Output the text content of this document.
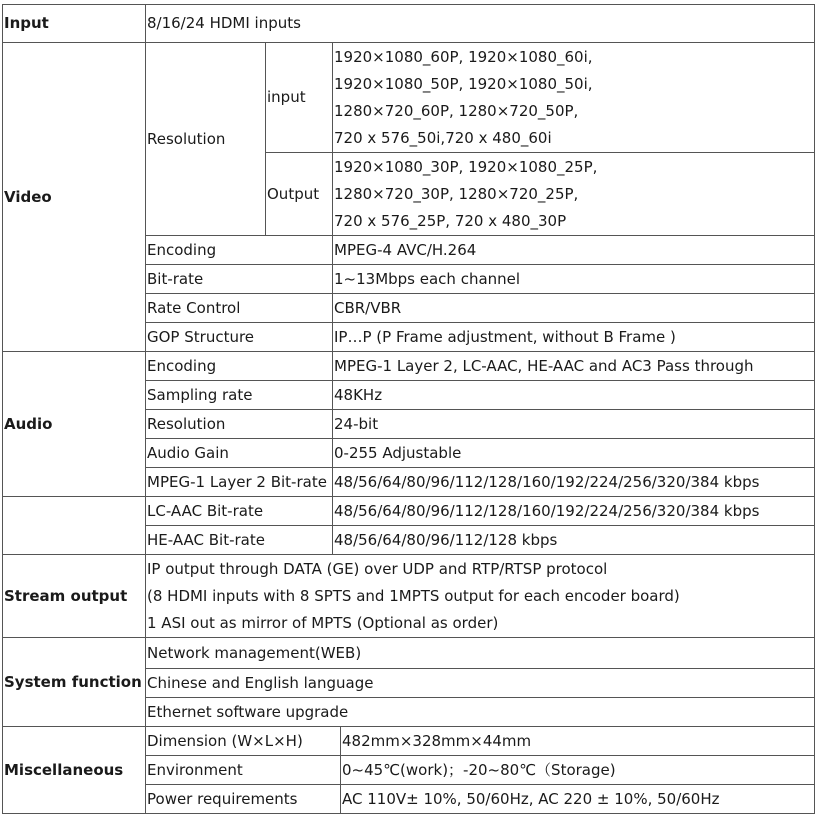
Input	8/16/24 HDMI inputs			
Video	Resolution	input	1920×1080_60P, 1920×1080_60i,
1920×1080_50P, 1920×1080_50i,
1280×720_60P, 1280×720_50P,
720 x 576_50i,720 x 480_60i	

		Output	1920×1080_30P, 1920×1080_25P,
1280×720_30P, 1280×720_25P,
720 x 576_25P, 720 x 480_30P	

	Encoding		MPEG-4 AVC/H.264	
	Bit-rate		1~13Mbps each channel	
	Rate Control		CBR/VBR	
	GOP Structure		IP…P (P Frame adjustment, without B Frame )	

Audio	Encoding		MPEG-1 Layer 2, LC-AAC, HE-AAC and AC3 Pass through	
	Sampling rate		48KHz	
	Resolution		24-bit	
	Audio Gain		0-255 Adjustable	
	MPEG-1 Layer 2 Bit-rate		48/56/64/80/96/112/128/160/192/224/256/320/384 kbps	
	LC-AAC Bit-rate		48/56/64/80/96/112/128/160/192/224/256/320/384 kbps	
	HE-AAC Bit-rate		48/56/64/80/96/112/128 kbps	
Stream output	IP output through DATA (GE) over UDP and RTP/RTSP protocol
(8 HDMI inputs with 8 SPTS and 1MPTS output for each encoder board)
1 ASI out as mirror of MPTS (Optional as order)			

System function	Network management(WEB)			
	Chinese and English language			
	Ethernet software upgrade			
Miscellaneous	Dimension (W×L×H)			482mm×328mm×44mm
	Environment			0~45℃(work)；-20~80℃（Storage)
	Power requirements			AC 110V± 10%, 50/60Hz, AC 220 ± 10%, 50/60Hz
